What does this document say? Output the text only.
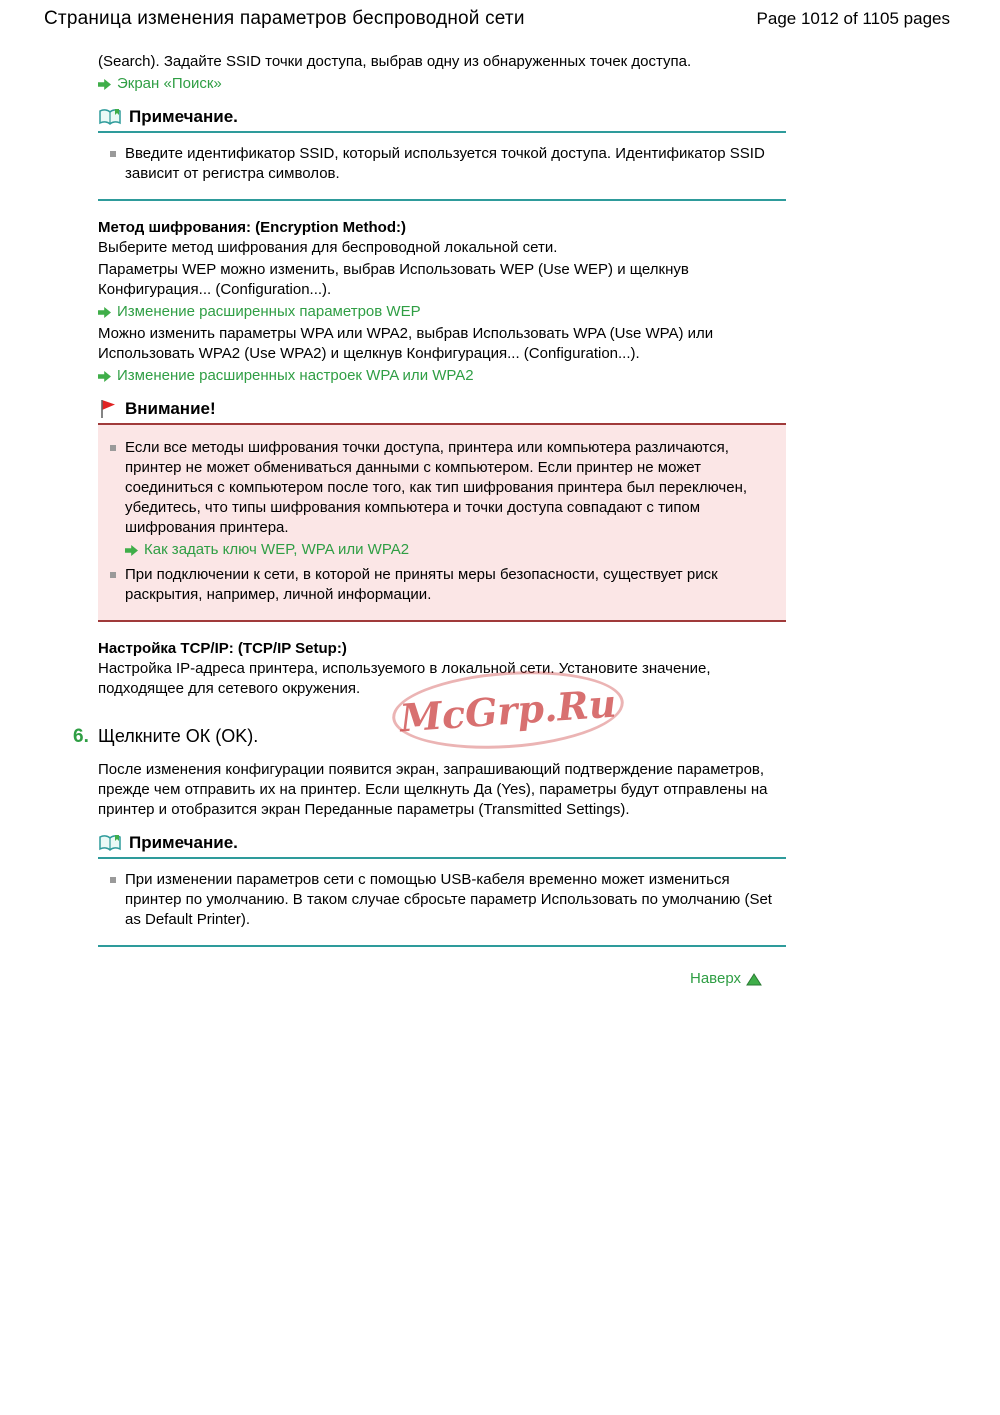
Страница изменения параметров беспроводной сети	Page 1012 of 1105 pages

(Search). Задайте SSID точки доступа, выбрав одну из обнаруженных точек доступа.

Экран «Поиск»
Примечание.
Введите идентификатор SSID, который используется точкой доступа. Идентификатор SSID зависит от регистра символов.
Метод шифрования: (Encryption Method:)

Выберите метод шифрования для беспроводной локальной сети.

Параметры WEP можно изменить, выбрав Использовать WEP (Use WEP) и щелкнув Конфигурация... (Configuration...).

Изменение расширенных параметров WEP

Можно изменить параметры WPA или WPA2, выбрав Использовать WPA (Use WPA) или Использовать WPA2 (Use WPA2) и щелкнув Конфигурация... (Configuration...).

Изменение расширенных настроек WPA или WPA2
Внимание!
Если все методы шифрования точки доступа, принтера или компьютера различаются, принтер не может обмениваться данными с компьютером. Если принтер не может соединиться с компьютером после того, как тип шифрования принтера был переключен, убедитесь, что типы шифрования компьютера и точки доступа совпадают с типом шифрования принтера.
Как задать ключ WEP, WPA или WPA2
При подключении к сети, в которой не приняты меры безопасности, существует риск раскрытия, например, личной информации.
Настройка TCP/IP: (TCP/IP Setup:)

Настройка IP-адреса принтера, используемого в локальной сети. Установите значение, подходящее для сетевого окружения.

6. Щелкните ОК (OK).

После изменения конфигурации появится экран, запрашивающий подтверждение параметров, прежде чем отправить их на принтер. Если щелкнуть Да (Yes), параметры будут отправлены на принтер и отобразится экран Переданные параметры (Transmitted Settings).

Примечание.
При изменении параметров сети с помощью USB-кабеля временно может измениться принтер по умолчанию. В таком случае сбросьте параметр Использовать по умолчанию (Set as Default Printer).
Наверх
McGrp.Ru
